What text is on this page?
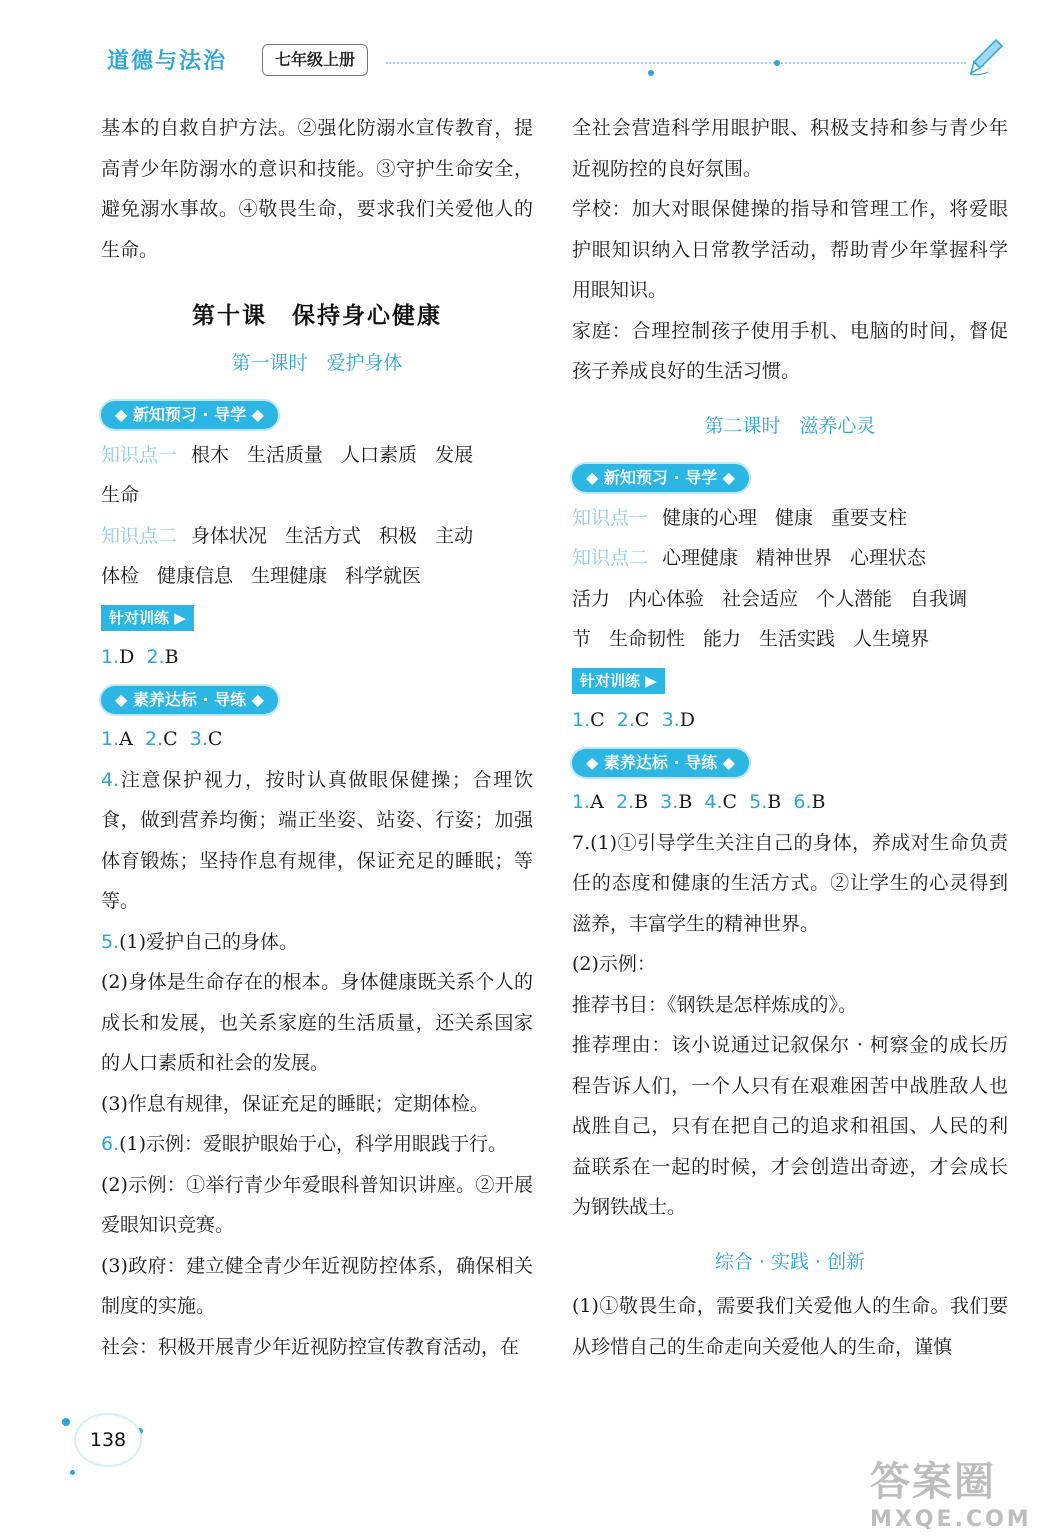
道德与法治	七年级上册

基本的自救自护方法。②强化防溺水宣传教育，提高青少年防溺水的意识和技能。③守护生命安全，避免溺水事故。④敬畏生命，要求我们关爱他人的生命。

第十课　保持身心健康
第一课时　爱护身体
◆ 新知预习 · 导学 ◆

知识点一 根木 生活质量 人口素质 发展
生命

知识点二 身体状况 生活方式 积极 主动
体检 健康信息 生理健康 科学就医

针对训练 ▶

1.D 2.B

◆ 素养达标 · 导练 ◆

1.A 2.C 3.C

4.注意保护视力，按时认真做眼保健操；合理饮食，做到营养均衡；端正坐姿、站姿、行姿；加强体育锻炼；坚持作息有规律，保证充足的睡眠；等等。

5.(1)爱护自己的身体。

(2)身体是生命存在的根本。身体健康既关系个人的成长和发展，也关系家庭的生活质量，还关系国家的人口素质和社会的发展。

(3)作息有规律，保证充足的睡眠；定期体检。

6.(1)示例：爱眼护眼始于心，科学用眼践于行。

(2)示例：①举行青少年爱眼科普知识讲座。②开展爱眼知识竞赛。

(3)政府：建立健全青少年近视防控体系，确保相关制度的实施。

社会：积极开展青少年近视防控宣传教育活动，在

全社会营造科学用眼护眼、积极支持和参与青少年近视防控的良好氛围。

学校：加大对眼保健操的指导和管理工作，将爱眼护眼知识纳入日常教学活动，帮助青少年掌握科学用眼知识。

家庭：合理控制孩子使用手机、电脑的时间，督促孩子养成良好的生活习惯。

第二课时　滋养心灵
◆ 新知预习 · 导学 ◆

知识点一 健康的心理 健康 重要支柱

知识点二 心理健康 精神世界 心理状态
活力 内心体验 社会适应 个人潜能 自我调
节 生命韧性 能力 生活实践 人生境界

针对训练 ▶

1.C 2.C 3.D

◆ 素养达标 · 导练 ◆

1.A 2.B 3.B 4.C 5.B 6.B

7.(1)①引导学生关注自己的身体，养成对生命负责任的态度和健康的生活方式。②让学生的心灵得到滋养，丰富学生的精神世界。

(2)示例：

推荐书目：《钢铁是怎样炼成的》。

推荐理由：该小说通过记叙保尔 · 柯察金的成长历程告诉人们，一个人只有在艰难困苦中战胜敌人也战胜自己，只有在把自己的追求和祖国、人民的利益联系在一起的时候，才会创造出奇迹，才会成长为钢铁战士。

综合 · 实践 · 创新

(1)①敬畏生命，需要我们关爱他人的生命。我们要从珍惜自己的生命走向关爱他人的生命，谨慎

138
答案圈
MXQE.COM
